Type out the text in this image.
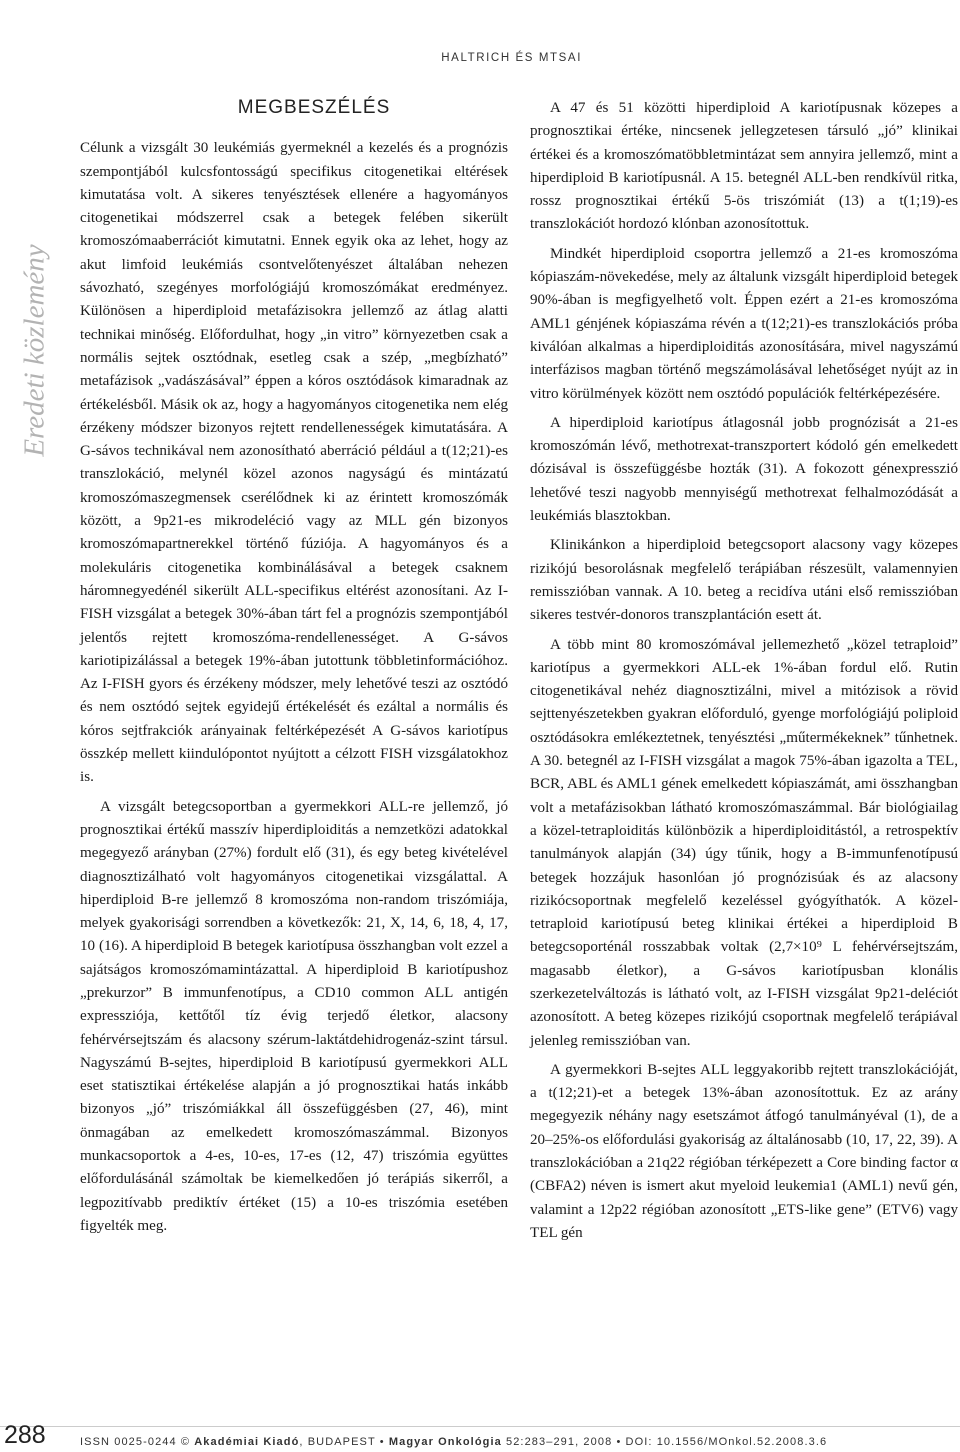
HALTRICH ÉS MTSAI
Eredeti közlemény
MEGBESZÉLÉS

Célunk a vizsgált 30 leukémiás gyermeknél a kezelés és a prognózis szempontjából kulcsfontosságú specifikus citogenetikai eltérések kimutatása volt. A sikeres tenyésztések ellenére a hagyományos citogenetikai módszerrel csak a betegek felében sikerült kromoszómaaberrációt kimutatni. Ennek egyik oka az lehet, hogy az akut limfoid leukémiás csontvelőtenyészet általában nehezen sávozható, szegényes morfológiájú kromoszómákat eredményez. Különösen a hiperdiploid metafázisokra jellemző az átlag alatti technikai minőség. Előfordulhat, hogy „in vitro” környezetben csak a normális sejtek osztódnak, esetleg csak a szép, „megbízható” metafázisok „vadászásával” éppen a kóros osztódások kimaradnak az értékelésből. Másik ok az, hogy a hagyományos citogenetika nem elég érzékeny módszer bizonyos rejtett rendellenességek kimutatására. A G-sávos technikával nem azonosítható aberráció például a t(12;21)-es transzlokáció, melynél közel azonos nagyságú és mintázatú kromoszómaszegmensek cserélődnek ki az érintett kromoszómák között, a 9p21-es mikrodeléció vagy az MLL gén bizonyos kromoszómapartnerekkel történő fúziója. A hagyományos és a molekuláris citogenetika kombinálásával a betegek csaknem háromnegyedénél sikerült ALL-specifikus eltérést azonosítani. Az I-FISH vizsgálat a betegek 30%-ában tárt fel a prognózis szempontjából jelentős rejtett kromoszóma-rendellenességet. A G-sávos kariotipizálással a betegek 19%-ában jutottunk többletinformációhoz. Az I-FISH gyors és érzékeny módszer, mely lehetővé teszi az osztódó és nem osztódó sejtek egyidejű értékelését és ezáltal a normális és kóros sejtfrakciók arányainak feltérképezését A G-sávos kariotípus összkép mellett kiindulópontot nyújtott a célzott FISH vizsgálatokhoz is.

A vizsgált betegcsoportban a gyermekkori ALL-re jellemző, jó prognosztikai értékű masszív hiperdiploiditás a nemzetközi adatokkal megegyező arányban (27%) fordult elő (31), és egy beteg kivételével diagnosztizálható volt hagyományos citogenetikai vizsgálattal. A hiperdiploid B-re jellemző 8 kromoszóma non-random triszómiája, melyek gyakorisági sorrendben a következők: 21, X, 14, 6, 18, 4, 17, 10 (16). A hiperdiploid B betegek kariotípusa összhangban volt ezzel a sajátságos kromoszómamintázattal. A hiperdiploid B kariotípushoz „prekurzor” B immunfenotípus, a CD10 common ALL antigén expressziója, kettőtől tíz évig terjedő életkor, alacsony fehérvérsejtszám és alacsony szérum-laktátdehidrogenáz-szint társul. Nagyszámú B-sejtes, hiperdiploid B kariotípusú gyermekkori ALL eset statisztikai értékelése alapján a jó prognosztikai hatás inkább bizonyos „jó” triszómiákkal áll összefüggésben (27, 46), mint önmagában az emelkedett kromoszómaszámmal. Bizonyos munkacsoportok a 4-es, 10-es, 17-es (12, 47) triszómia együttes előfordulásánál számoltak be kiemelkedően jó terápiás sikerről, a legpozitívabb prediktív értéket (15) a 10-es triszómia esetében figyelték meg.

A 47 és 51 közötti hiperdiploid A kariotípusnak közepes a prognosztikai értéke, nincsenek jellegzetesen társuló „jó” klinikai értékei és a kromoszómatöbbletmintázat sem annyira jellemző, mint a hiperdiploid B kariotípusnál. A 15. betegnél ALL-ben rendkívül ritka, rossz prognosztikai értékű 5-ös triszómiát (13) a t(1;19)-es transzlokációt hordozó klónban azonosítottuk.

Mindkét hiperdiploid csoportra jellemző a 21-es kromoszóma kópiaszám-növekedése, mely az általunk vizsgált hiperdiploid betegek 90%-ában is megfigyelhető volt. Éppen ezért a 21-es kromoszóma AML1 génjének kópiaszáma révén a t(12;21)-es transzlokációs próba kiválóan alkalmas a hiperdiploiditás azonosítására, mivel nagyszámú interfázisos magban történő megszámolásával lehetőséget nyújt az in vitro körülmények között nem osztódó populációk feltérképezésére.

A hiperdiploid kariotípus átlagosnál jobb prognózisát a 21-es kromoszómán lévő, methotrexat-transzportert kódoló gén emelkedett dózisával is összefüggésbe hozták (31). A fokozott génexpresszió lehetővé teszi nagyobb mennyiségű methotrexat felhalmozódását a leukémiás blasztokban.

Klinikánkon a hiperdiploid betegcsoport alacsony vagy közepes rizikójú besorolásnak megfelelő terápiában részesült, valamennyien remisszióban vannak. A 10. beteg a recidíva utáni első remisszióban sikeres testvér-donoros transzplantáción esett át.

A több mint 80 kromoszómával jellemezhető „közel tetraploid” kariotípus a gyermekkori ALL-ek 1%-ában fordul elő. Rutin citogenetikával nehéz diagnosztizálni, mivel a mitózisok a rövid sejttenyészetekben gyakran előforduló, gyenge morfológiájú poliploid osztódásokra emlékeztetnek, tenyésztési „műtermékeknek” tűnhetnek. A 30. betegnél az I-FISH vizsgálat a magok 75%-ában igazolta a TEL, BCR, ABL és AML1 gének emelkedett kópiaszámát, ami összhangban volt a metafázisokban látható kromoszómaszámmal. Bár biológiailag a közel-tetraploiditás különbözik a hiperdiploiditástól, a retrospektív tanulmányok alapján (34) úgy tűnik, hogy a B-immunfenotípusú betegek hozzájuk hasonlóan jó prognózisúak és az alacsony rizikócsoportnak megfelelő kezeléssel gyógyíthatók. A közel-tetraploid kariotípusú beteg klinikai értékei a hiperdiploid B betegcsoporténál rosszabbak voltak (2,7×10⁹ L fehérvérsejtszám, magasabb életkor), a G-sávos kariotípusban klonális szerkezetelváltozás is látható volt, az I-FISH vizsgálat 9p21-deléciót azonosított. A beteg közepes rizikójú csoportnak megfelelő terápiával jelenleg remisszióban van.

A gyermekkori B-sejtes ALL leggyakoribb rejtett transzlokációját, a t(12;21)-et a betegek 13%-ában azonosítottuk. Ez az arány megegyezik néhány nagy esetszámot átfogó tanulmányéval (1), de a 20–25%-os előfordulási gyakoriság az általánosabb (10, 17, 22, 39). A transzlokációban a 21q22 régióban térképezett a Core binding factor α (CBFA2) néven is ismert akut myeloid leukemia1 (AML1) nevű gén, valamint a 12p22 régióban azonosított „ETS-like gene” (ETV6) vagy TEL gén

288	ISSN 0025-0244 © Akadémiai Kiadó, BUDAPEST • Magyar Onkológia 52:283–291, 2008 • DOI: 10.1556/MOnkol.52.2008.3.6
